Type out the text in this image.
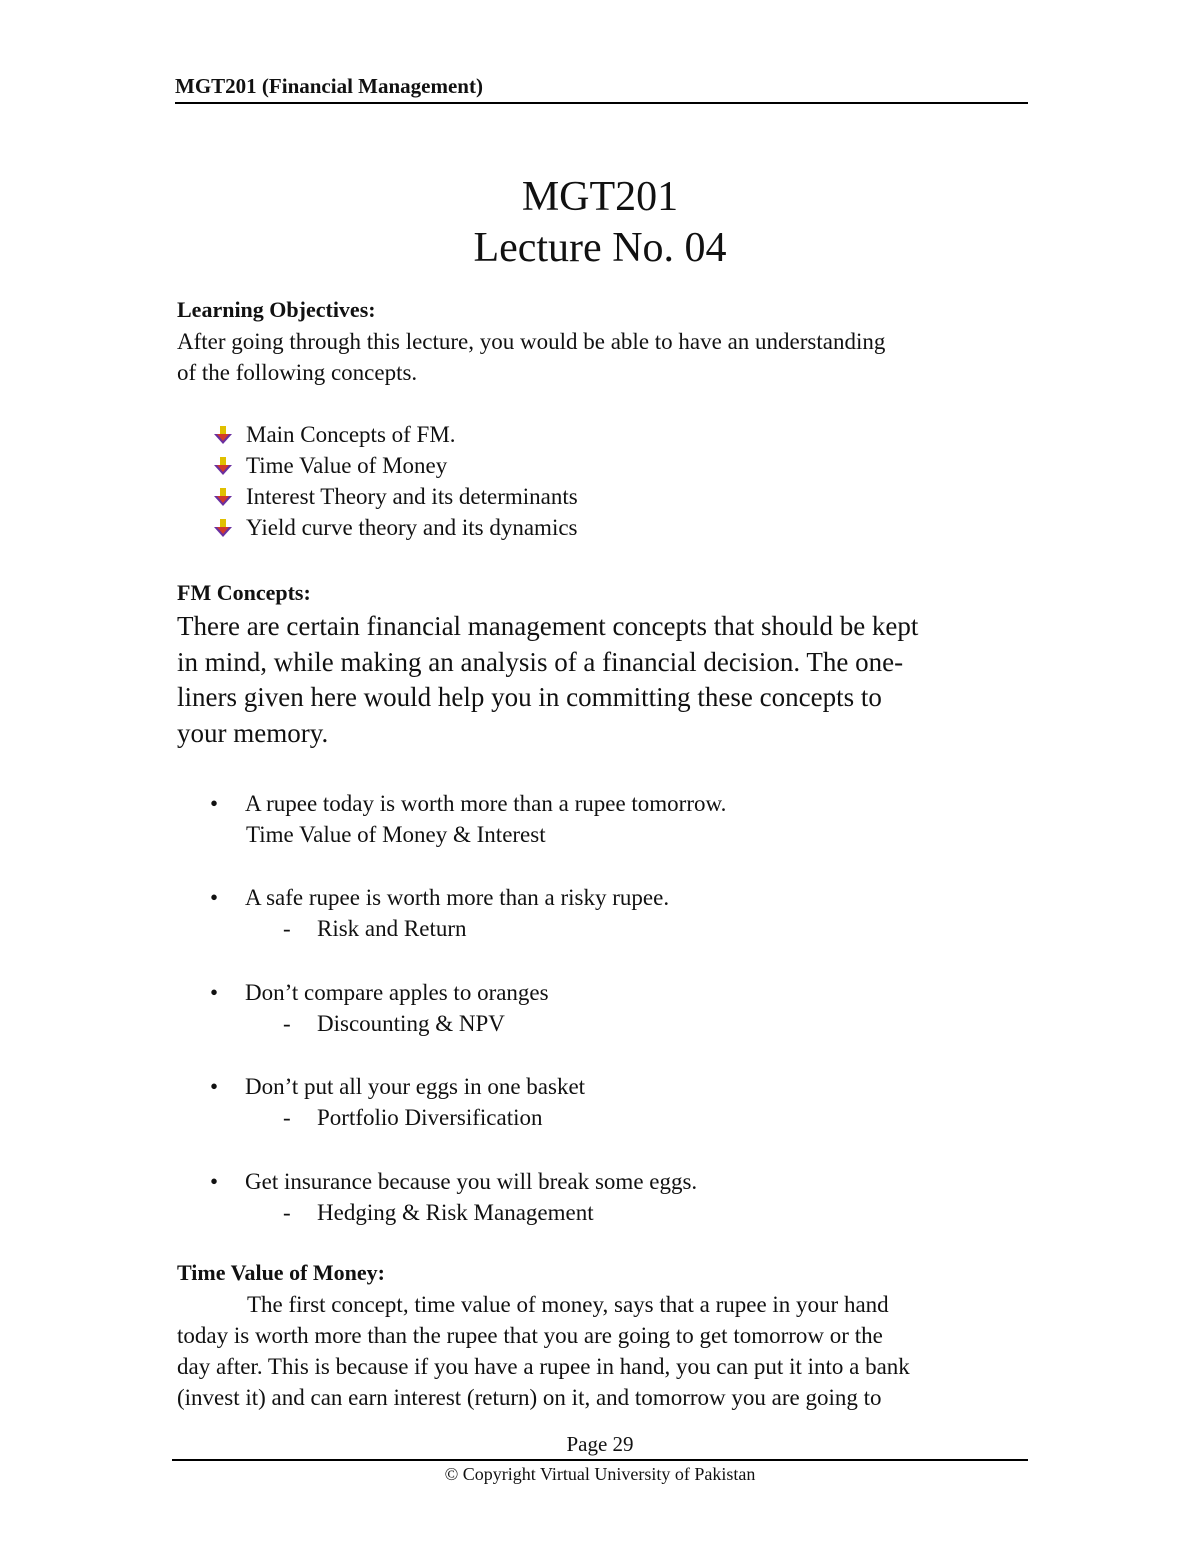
MGT201 (Financial Management)
MGT201
Lecture No. 04
Learning Objectives:
After going through this lecture, you would be able to have an understanding
of the following concepts.
Main Concepts of FM.
Time Value of Money
Interest Theory and its determinants
Yield curve theory and its dynamics
FM Concepts:
There are certain financial management concepts that should be kept
in mind, while making an analysis of a financial decision. The one-
liners given here would help you in committing these concepts to
your memory.
• A rupee today is worth more than a rupee tomorrow.
Time Value of Money & Interest
• A safe rupee is worth more than a risky rupee.
- Risk and Return
• Don’t compare apples to oranges
- Discounting & NPV
• Don’t put all your eggs in one basket
- Portfolio Diversification
• Get insurance because you will break some eggs.
- Hedging & Risk Management
Time Value of Money:
The first concept, time value of money, says that a rupee in your hand
today is worth more than the rupee that you are going to get tomorrow or the
day after. This is because if you have a rupee in hand, you can put it into a bank
(invest it) and can earn interest (return) on it, and tomorrow you are going to
Page 29
© Copyright Virtual University of Pakistan
